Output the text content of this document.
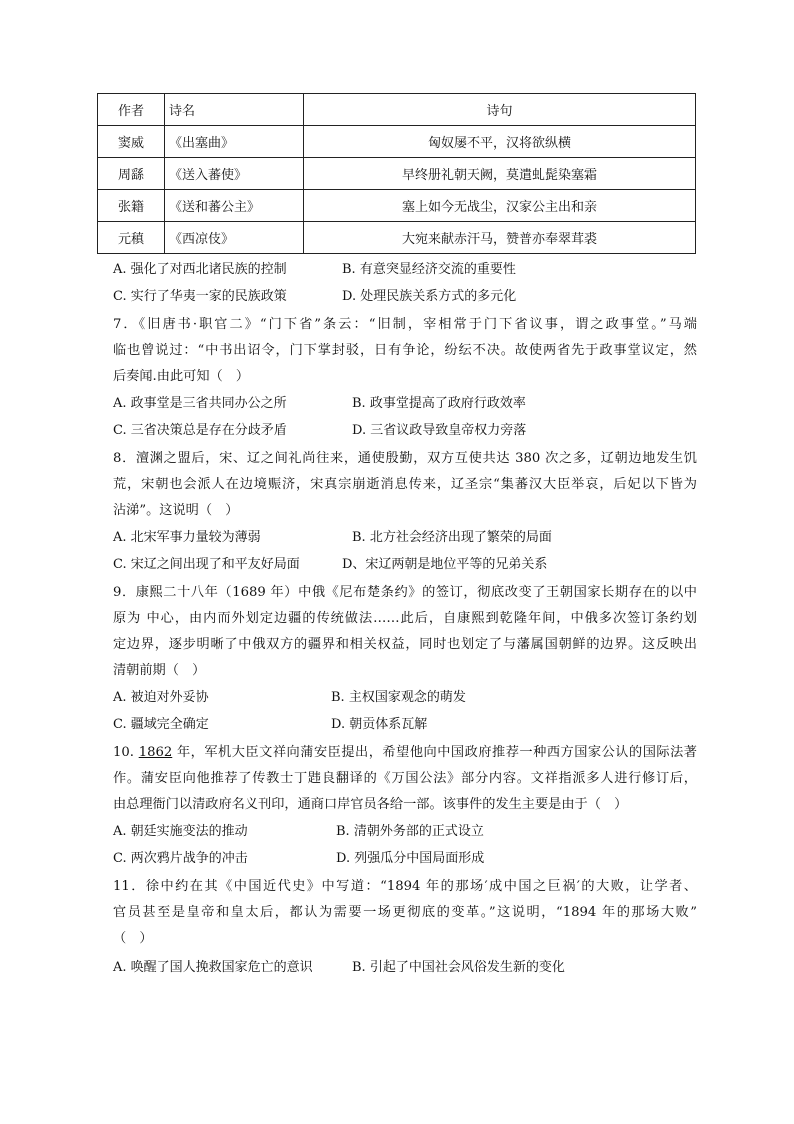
作者	诗名	诗句
窦威	《出塞曲》	匈奴屡不平，汉将欲纵横
周繇	《送入蕃使》	早终册礼朝天阙，莫遣虬髭染塞霜
张籍	《送和蕃公主》	塞上如今无战尘，汉家公主出和亲
元稹	《西凉伎》	大宛来献赤汗马，赞普亦奉翠茸裘
A. 强化了对西北诸民族的控制	B. 有意突显经济交流的重要性
C. 实行了华夷一家的民族政策	D. 处理民族关系方式的多元化
7．《旧唐书·职官二》“门下省”条云：“旧制，宰相常于门下省议事，谓之政事堂。”马端
临也曾说过：“中书出诏令，门下掌封驳，日有争论，纷纭不决。故使两省先于政事堂议定，然
后奏闻.由此可知（　）
A. 政事堂是三省共同办公之所	B. 政事堂提高了政府行政效率
C. 三省决策总是存在分歧矛盾	D. 三省议政导致皇帝权力旁落
8．澶渊之盟后，宋、辽之间礼尚往来，通使殷勤，双方互使共达 380 次之多，辽朝边地发生饥
荒，宋朝也会派人在边境赈济，宋真宗崩逝消息传来，辽圣宗“集蕃汉大臣举哀，后妃以下皆为
沾涕”。这说明（　）
A. 北宋军事力量较为薄弱	B. 北方社会经济出现了繁荣的局面
C. 宋辽之间出现了和平友好局面	D、宋辽两朝是地位平等的兄弟关系
9．康熙二十八年（1689 年）中俄《尼布楚条约》的签订，彻底改变了王朝国家长期存在的以中
原为 中心，由内而外划定边疆的传统做法……此后，自康熙到乾隆年间，中俄多次签订条约划
定边界，逐步明晰了中俄双方的疆界和相关权益，同时也划定了与藩属国朝鲜的边界。这反映出
清朝前期（　）
A. 被迫对外妥协	B. 主权国家观念的萌发
C. 疆域完全确定	D. 朝贡体系瓦解
10. 1862 年，军机大臣文祥向蒲安臣提出，希望他向中国政府推荐一种西方国家公认的国际法著
作。蒲安臣向他推荐了传教士丁韪良翻译的《万国公法》部分内容。文祥指派多人进行修订后，
由总理衙门以清政府名义刊印，通商口岸官员各给一部。该事件的发生主要是由于（　）
A. 朝廷实施变法的推动	B. 清朝外务部的正式设立
C. 两次鸦片战争的冲击	D. 列强瓜分中国局面形成
11．徐中约在其《中国近代史》中写道：“1894 年的那场′成中国之巨祸′的大败，让学者、
官员甚至是皇帝和皇太后，都认为需要一场更彻底的变革。”这说明，“1894 年的那场大败”
（　）
A. 唤醒了国人挽救国家危亡的意识	B. 引起了中国社会风俗发生新的变化
